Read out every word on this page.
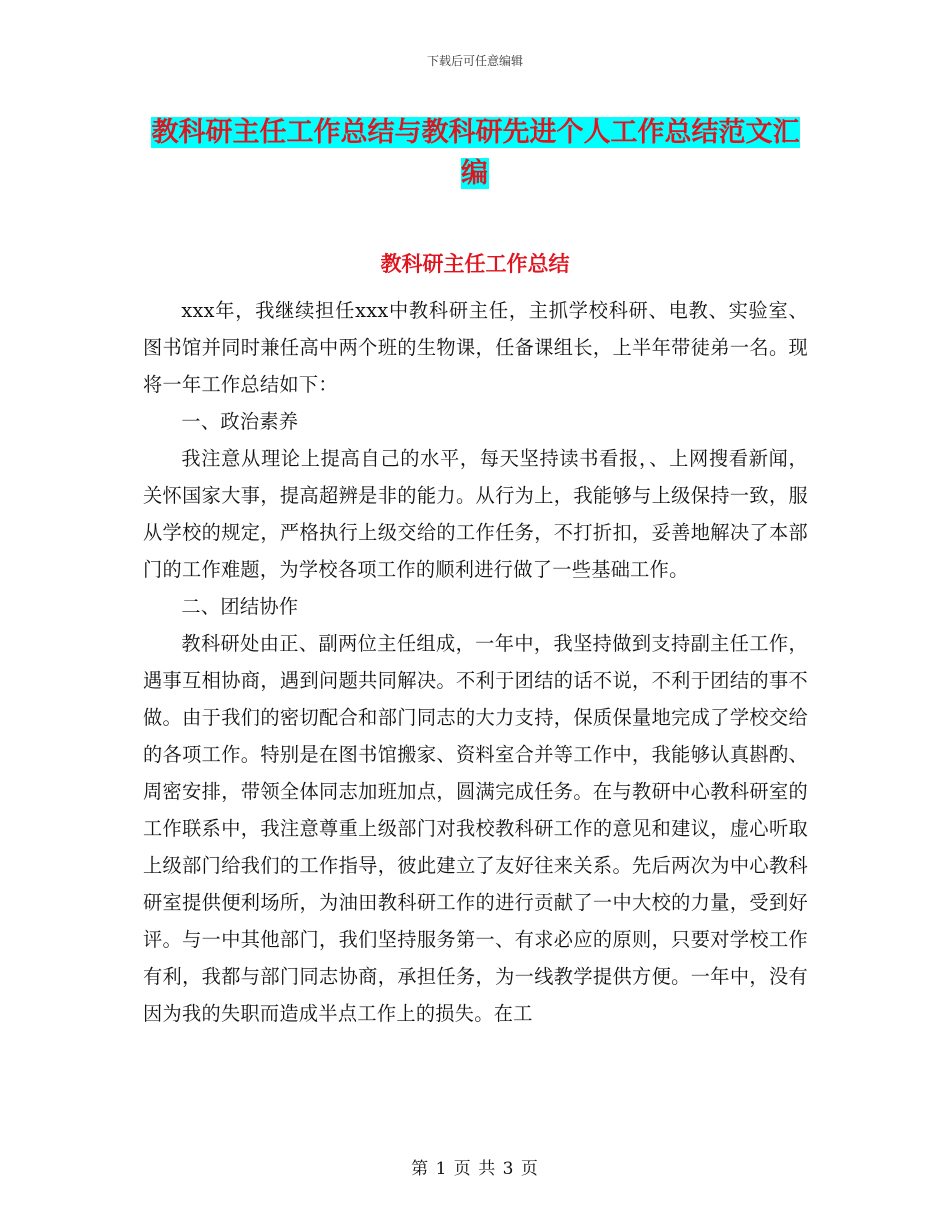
下载后可任意编辑
教科研主任工作总结与教科研先进个人工作总结范文汇编
教科研主任工作总结

xxx年，我继续担任xxx中教科研主任，主抓学校科研、电教、实验室、图书馆并同时兼任高中两个班的生物课，任备课组长，上半年带徒弟一名。现将一年工作总结如下：

一、政治素养

我注意从理论上提高自己的水平，每天坚持读书看报，、上网搜看新闻，关怀国家大事，提高超辨是非的能力。从行为上，我能够与上级保持一致，服从学校的规定，严格执行上级交给的工作任务，不打折扣，妥善地解决了本部门的工作难题，为学校各项工作的顺利进行做了一些基础工作。

二、团结协作

教科研处由正、副两位主任组成，一年中，我坚持做到支持副主任工作，遇事互相协商，遇到问题共同解决。不利于团结的话不说，不利于团结的事不做。由于我们的密切配合和部门同志的大力支持，保质保量地完成了学校交给的各项工作。特别是在图书馆搬家、资料室合并等工作中，我能够认真斟酌、周密安排，带领全体同志加班加点，圆满完成任务。在与教研中心教科研室的工作联系中，我注意尊重上级部门对我校教科研工作的意见和建议，虚心听取上级部门给我们的工作指导，彼此建立了友好往来关系。先后两次为中心教科研室提供便利场所，为油田教科研工作的进行贡献了一中大校的力量，受到好评。与一中其他部门，我们坚持服务第一、有求必应的原则，只要对学校工作有利，我都与部门同志协商，承担任务，为一线教学提供方便。一年中，没有因为我的失职而造成半点工作上的损失。在工

第 1 页 共 3 页
